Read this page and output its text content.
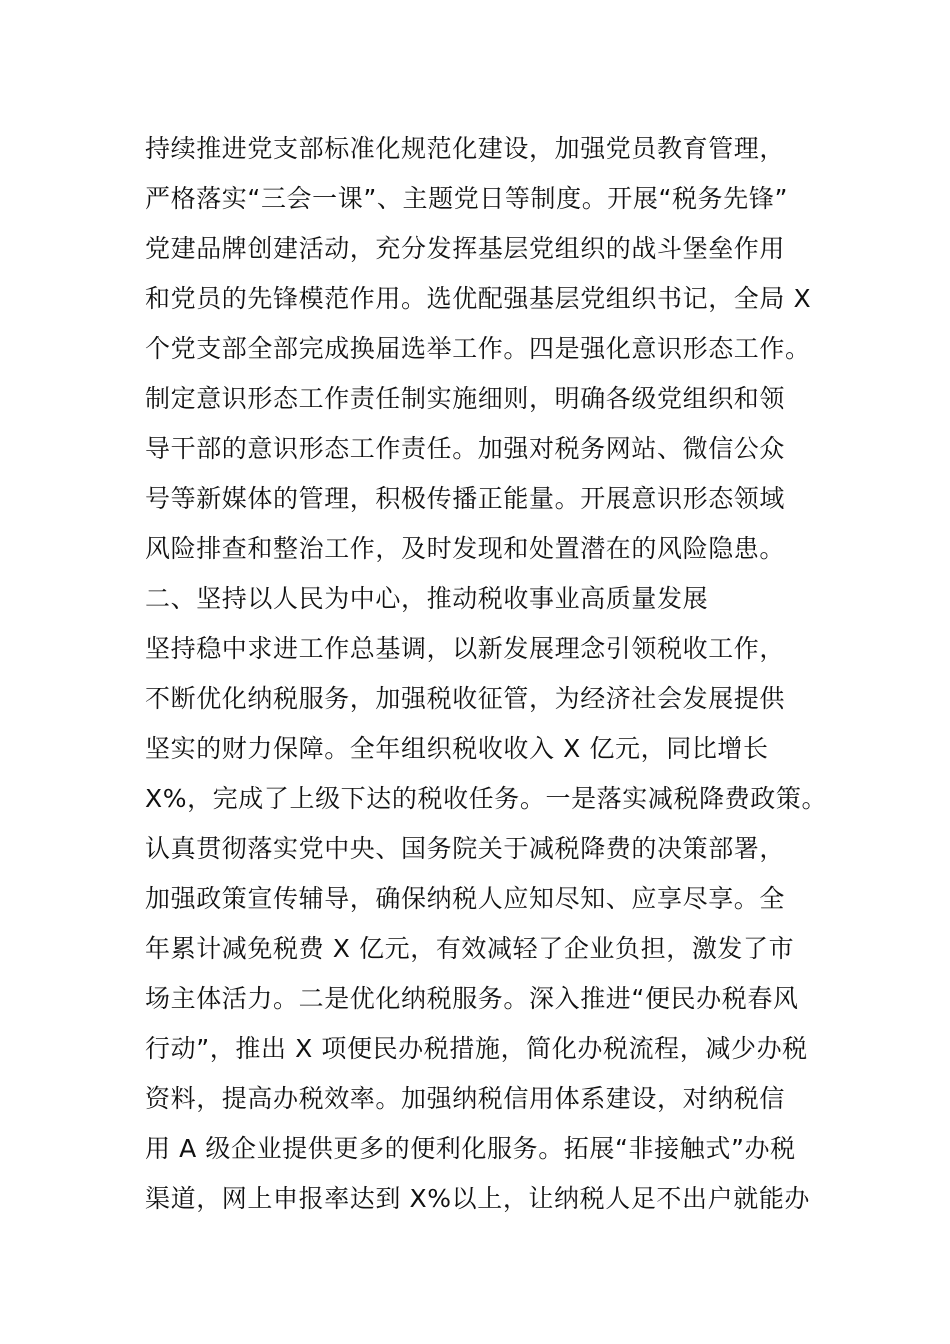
持续推进党支部标准化规范化建设，加强党员教育管理，
严格落实“三会一课”、主题党日等制度。开展“税务先锋”
党建品牌创建活动，充分发挥基层党组织的战斗堡垒作用
和党员的先锋模范作用。选优配强基层党组织书记，全局 X
个党支部全部完成换届选举工作。四是强化意识形态工作。
制定意识形态工作责任制实施细则，明确各级党组织和领
导干部的意识形态工作责任。加强对税务网站、微信公众
号等新媒体的管理，积极传播正能量。开展意识形态领域
风险排查和整治工作，及时发现和处置潜在的风险隐患。
二、坚持以人民为中心，推动税收事业高质量发展
坚持稳中求进工作总基调，以新发展理念引领税收工作，
不断优化纳税服务，加强税收征管，为经济社会发展提供
坚实的财力保障。全年组织税收收入 X 亿元，同比增长
X%，完成了上级下达的税收任务。一是落实减税降费政策。
认真贯彻落实党中央、国务院关于减税降费的决策部署，
加强政策宣传辅导，确保纳税人应知尽知、应享尽享。全
年累计减免税费 X 亿元，有效减轻了企业负担，激发了市
场主体活力。二是优化纳税服务。深入推进“便民办税春风
行动”，推出 X 项便民办税措施，简化办税流程，减少办税
资料，提高办税效率。加强纳税信用体系建设，对纳税信
用 A 级企业提供更多的便利化服务。拓展“非接触式”办税
渠道，网上申报率达到 X%以上，让纳税人足不出户就能办
